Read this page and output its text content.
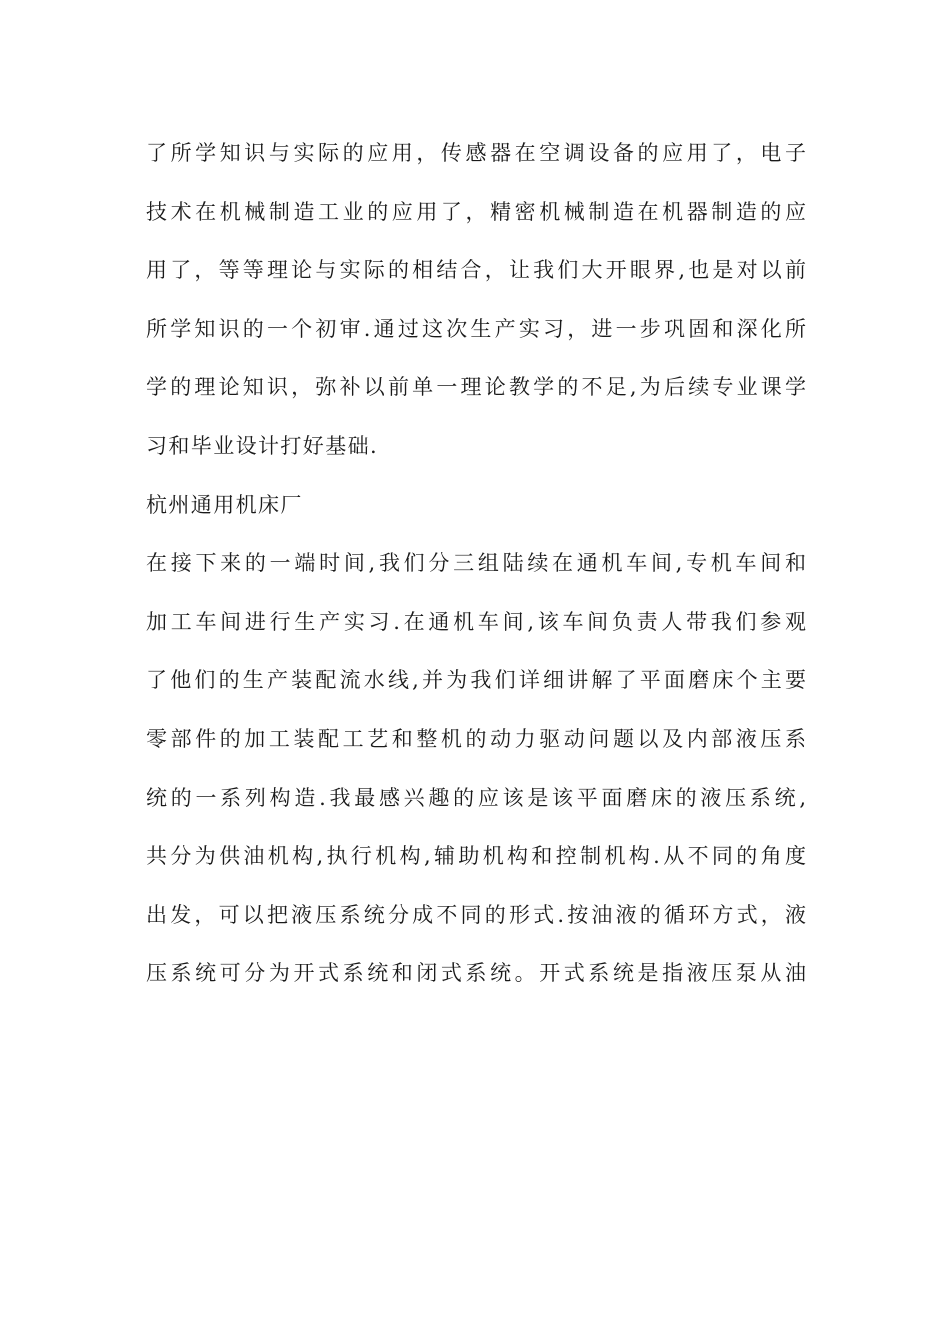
了所学知识与实际的应用，传感器在空调设备的应用了，电子
技术在机械制造工业的应用了，精密机械制造在机器制造的应
用了，等等理论与实际的相结合，让我们大开眼界,也是对以前
所学知识的一个初审.通过这次生产实习，进一步巩固和深化所
学的理论知识，弥补以前单一理论教学的不足,为后续专业课学
习和毕业设计打好基础.
杭州通用机床厂
在接下来的一端时间,我们分三组陆续在通机车间,专机车间和
加工车间进行生产实习.在通机车间,该车间负责人带我们参观
了他们的生产装配流水线,并为我们详细讲解了平面磨床个主要
零部件的加工装配工艺和整机的动力驱动问题以及内部液压系
统的一系列构造.我最感兴趣的应该是该平面磨床的液压系统,
共分为供油机构,执行机构,辅助机构和控制机构.从不同的角度
出发，可以把液压系统分成不同的形式.按油液的循环方式，液
压系统可分为开式系统和闭式系统。开式系统是指液压泵从油
